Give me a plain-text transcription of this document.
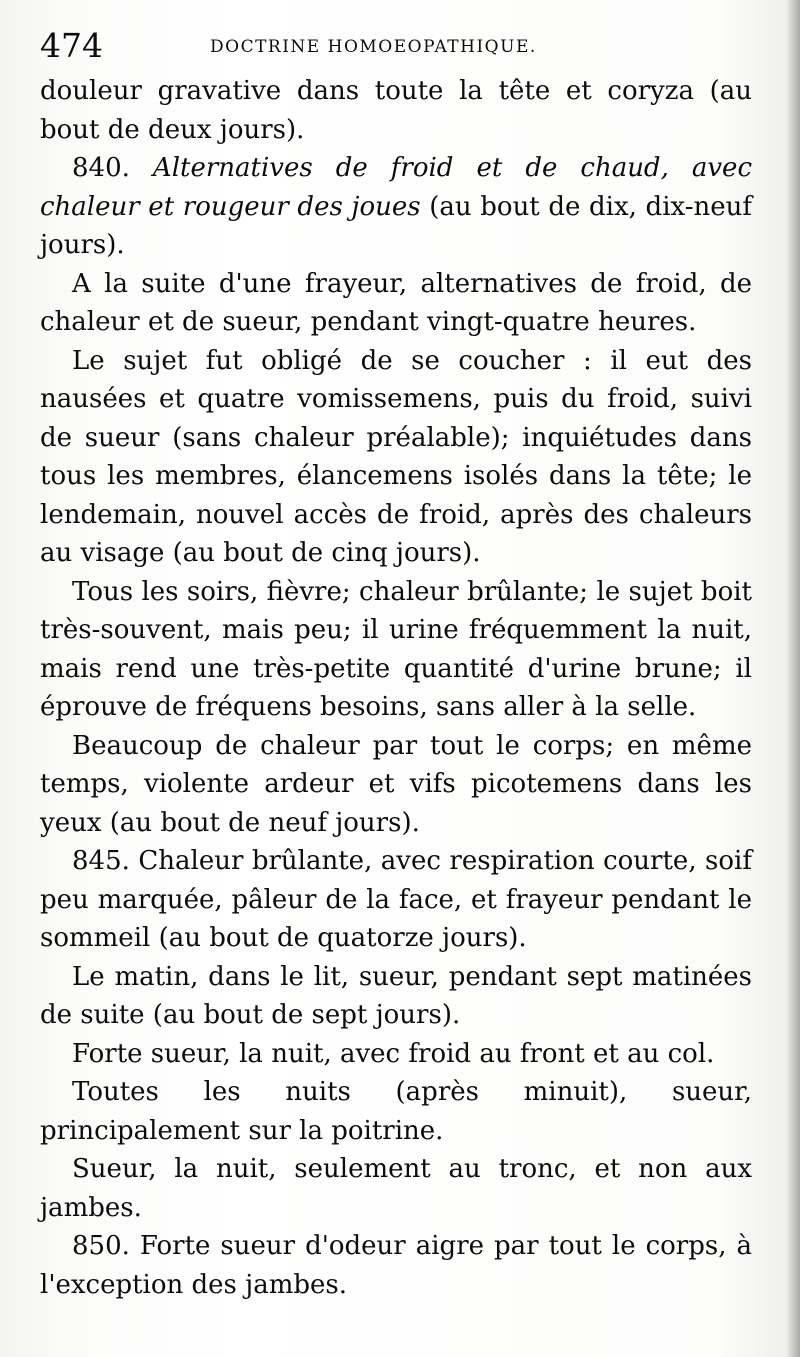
474	DOCTRINE HOMOEOPATHIQUE.

douleur gravative dans toute la tête et coryza (au bout de deux jours).

840. Alternatives de froid et de chaud, avec chaleur et rougeur des joues (au bout de dix, dix-neuf jours).

A la suite d'une frayeur, alternatives de froid, de chaleur et de sueur, pendant vingt-quatre heures.

Le sujet fut obligé de se coucher : il eut des nausées et quatre vomissemens, puis du froid, suivi de sueur (sans chaleur préalable); inquiétudes dans tous les membres, élancemens isolés dans la tête; le lendemain, nouvel accès de froid, après des chaleurs au visage (au bout de cinq jours).

Tous les soirs, fièvre; chaleur brûlante; le sujet boit très-souvent, mais peu; il urine fréquemment la nuit, mais rend une très-petite quantité d'urine brune; il éprouve de fréquens besoins, sans aller à la selle.

Beaucoup de chaleur par tout le corps; en même temps, violente ardeur et vifs picotemens dans les yeux (au bout de neuf jours).

845. Chaleur brûlante, avec respiration courte, soif peu marquée, pâleur de la face, et frayeur pendant le sommeil (au bout de quatorze jours).

Le matin, dans le lit, sueur, pendant sept matinées de suite (au bout de sept jours).

Forte sueur, la nuit, avec froid au front et au col.

Toutes les nuits (après minuit), sueur, principalement sur la poitrine.

Sueur, la nuit, seulement au tronc, et non aux jambes.

850. Forte sueur d'odeur aigre par tout le corps, à l'exception des jambes.
